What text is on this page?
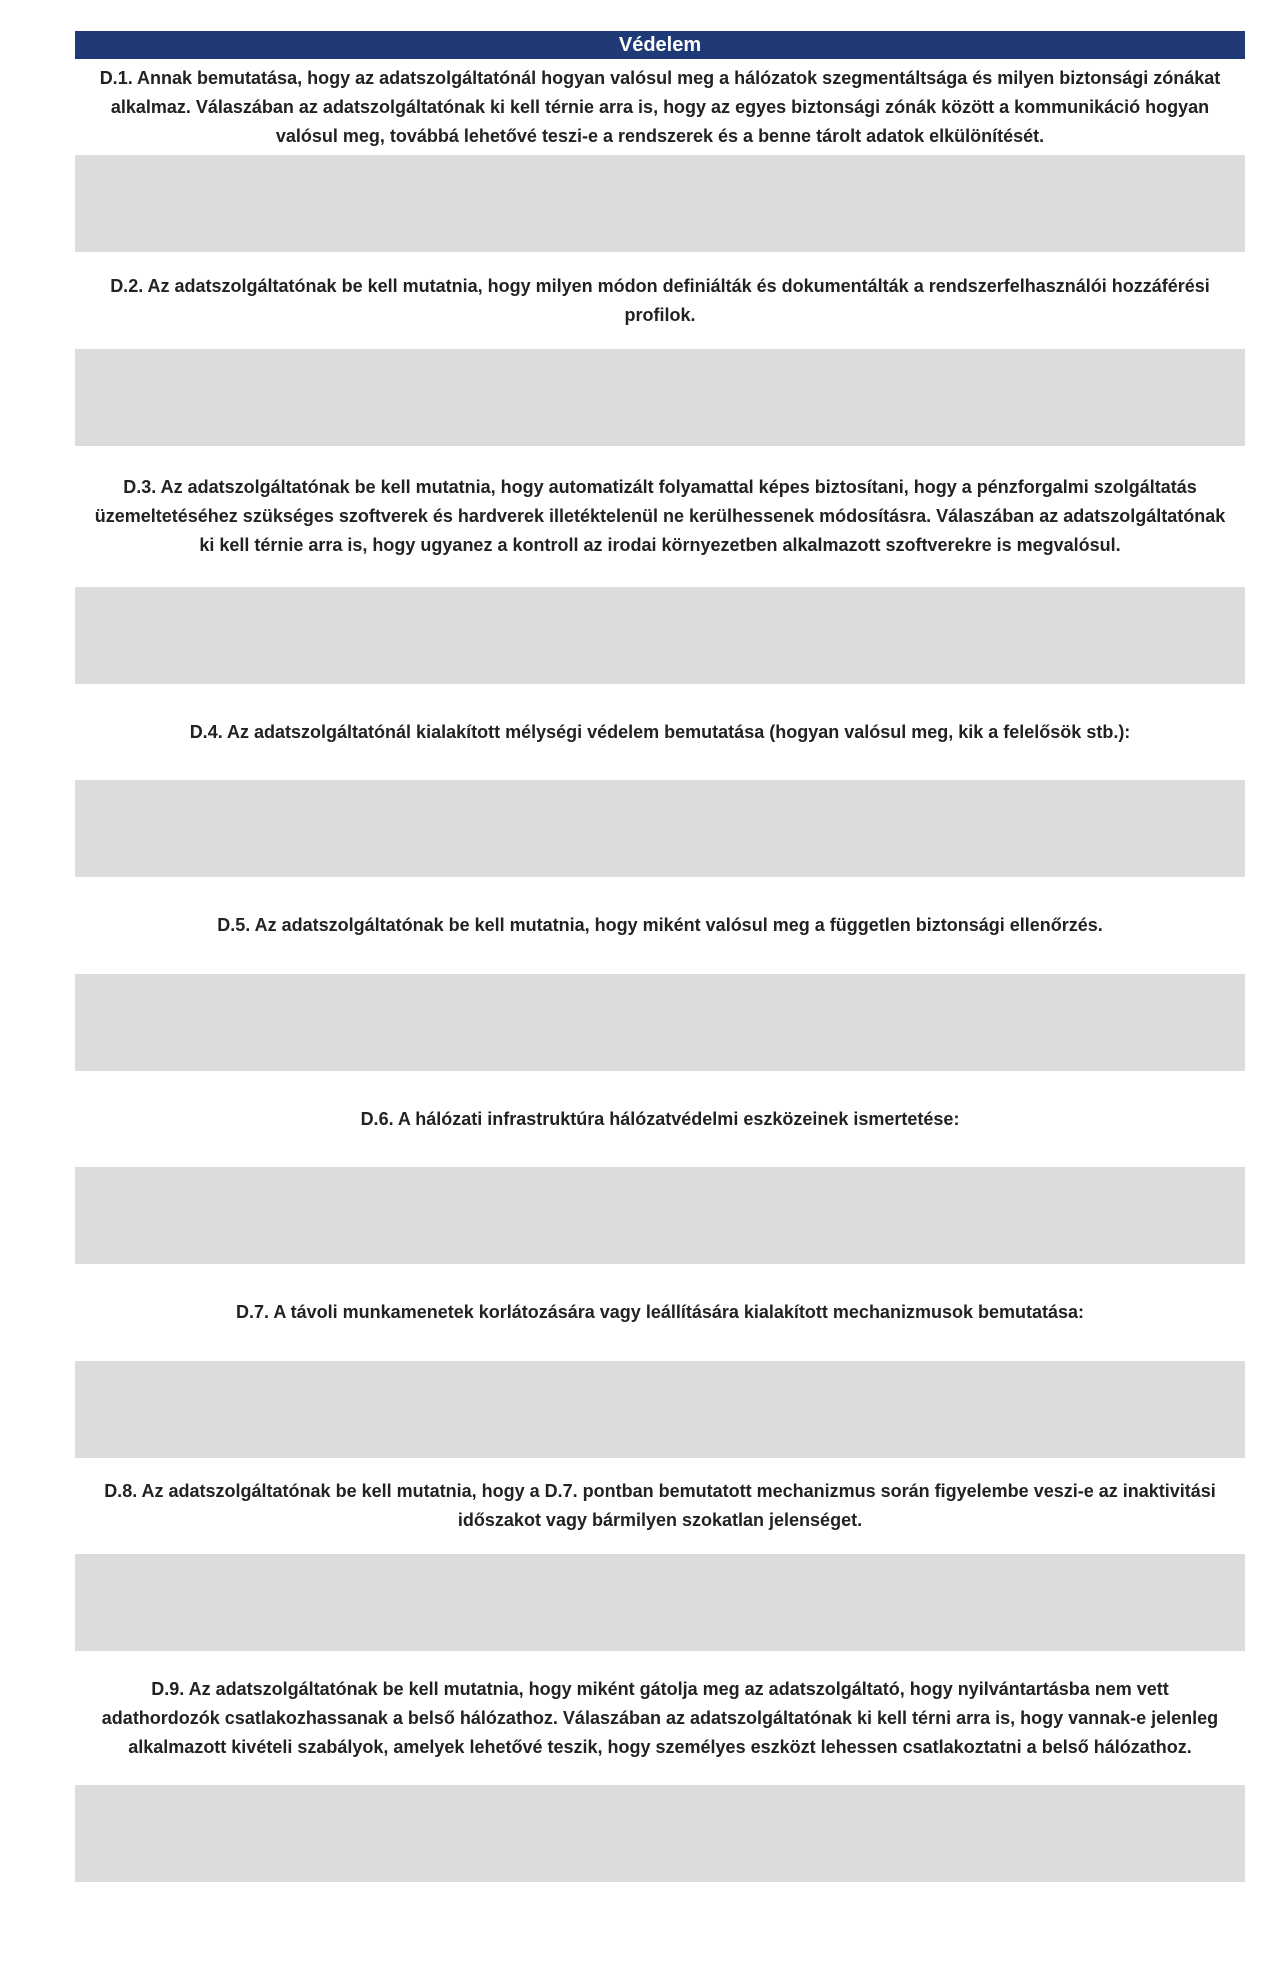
Védelem
D.1. Annak bemutatása, hogy az adatszolgáltatónál hogyan valósul meg a hálózatok szegmentáltsága és milyen biztonsági zónákat alkalmaz. Válaszában az adatszolgáltatónak ki kell térnie arra is, hogy az egyes biztonsági zónák között a kommunikáció hogyan valósul meg, továbbá lehetővé teszi-e a rendszerek és a benne tárolt adatok elkülönítését.
D.2. Az adatszolgáltatónak be kell mutatnia, hogy milyen módon definiálták és dokumentálták a rendszerfelhasználói hozzáférési profilok.
D.3. Az adatszolgáltatónak be kell mutatnia, hogy automatizált folyamattal képes biztosítani, hogy a pénzforgalmi szolgáltatás üzemeltetéséhez szükséges szoftverek és hardverek illetéktelenül ne kerülhessenek módosításra. Válaszában az adatszolgáltatónak ki kell térnie arra is, hogy ugyanez a kontroll az irodai környezetben alkalmazott szoftverekre is megvalósul.
D.4. Az adatszolgáltatónál kialakított mélységi védelem bemutatása (hogyan valósul meg, kik a felelősök stb.):
D.5. Az adatszolgáltatónak be kell mutatnia, hogy miként valósul meg a független biztonsági ellenőrzés.
D.6. A hálózati infrastruktúra hálózatvédelmi eszközeinek ismertetése:
D.7. A távoli munkamenetek korlátozására vagy leállítására kialakított mechanizmusok bemutatása:
D.8. Az adatszolgáltatónak be kell mutatnia, hogy a D.7. pontban bemutatott mechanizmus során figyelembe veszi-e az inaktivitási időszakot vagy bármilyen szokatlan jelenséget.
D.9. Az adatszolgáltatónak be kell mutatnia, hogy miként gátolja meg az adatszolgáltató, hogy nyilvántartásba nem vett adathordozók csatlakozhassanak a belső hálózathoz. Válaszában az adatszolgáltatónak ki kell térni arra is, hogy vannak-e jelenleg alkalmazott kivételi szabályok, amelyek lehetővé teszik, hogy személyes eszközt lehessen csatlakoztatni a belső hálózathoz.
